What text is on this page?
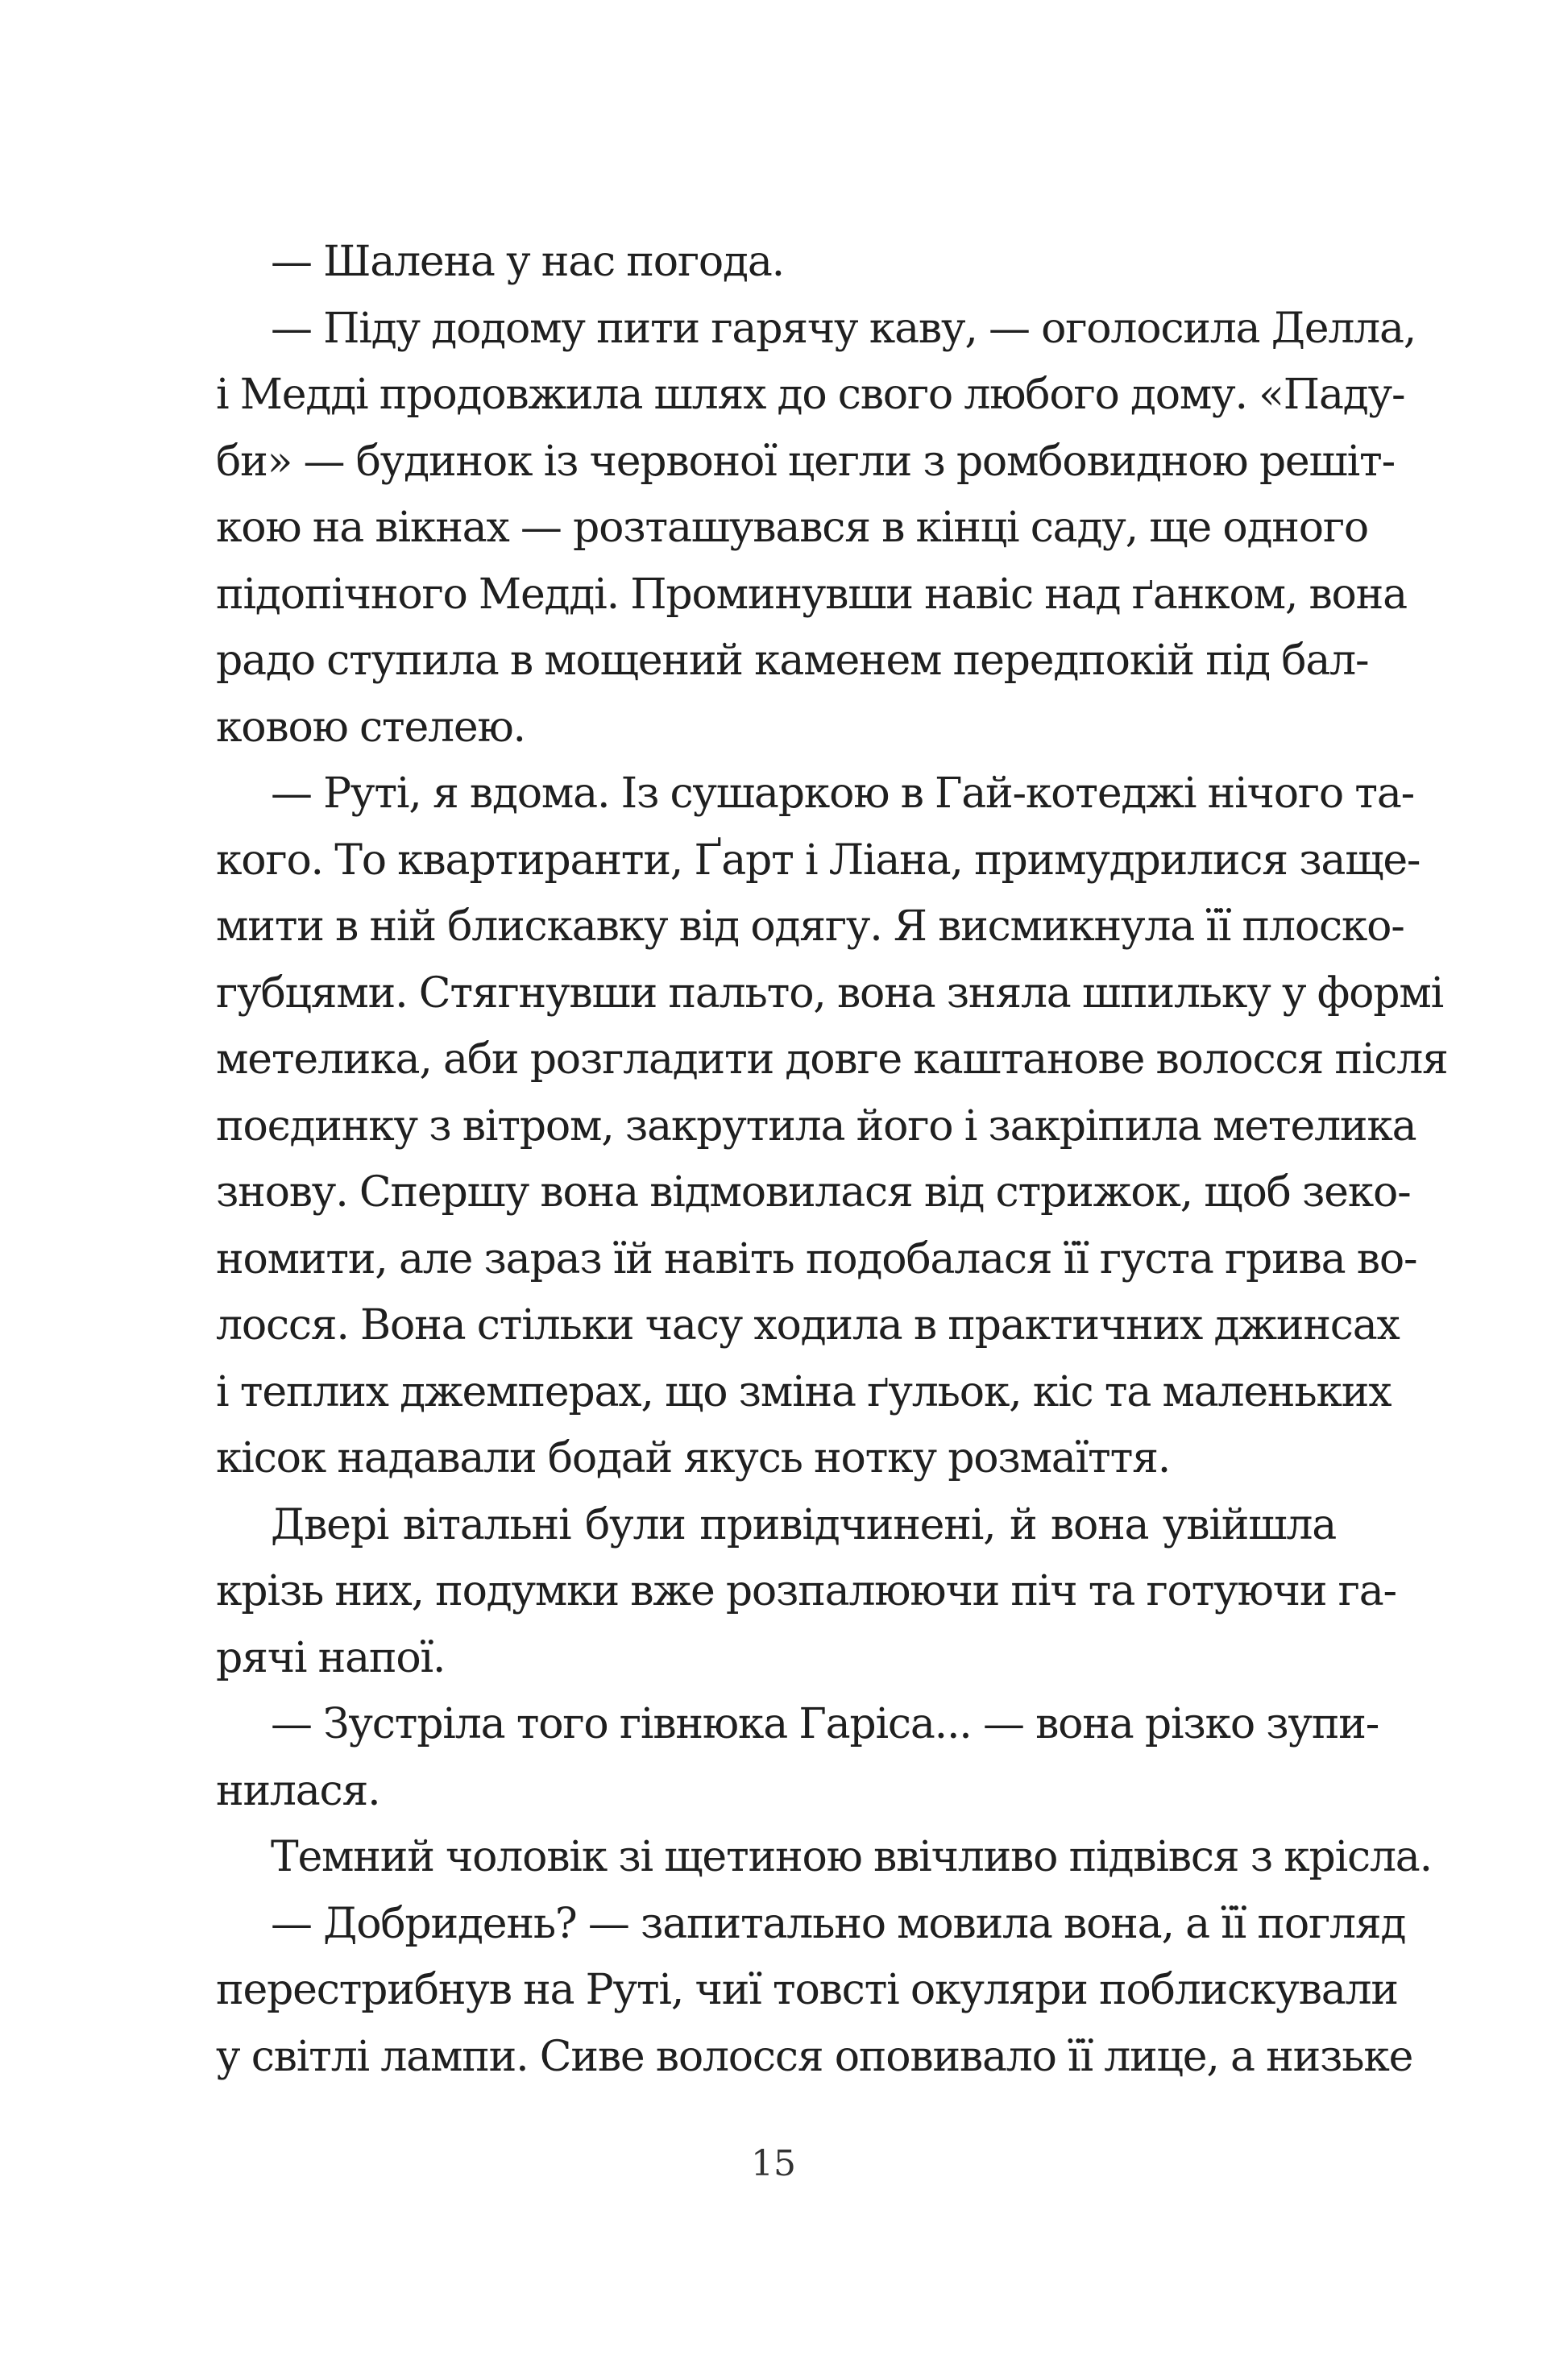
— Шалена у нас погода.
— Піду додому пити гарячу каву, — оголосила Делла,
і Медді продовжила шлях до свого любого дому. «Паду-
би» — будинок із червоної цегли з ромбовидною решіт-
кою на вікнах — розташувався в кінці саду, ще одного
підопічного Медді. Проминувши навіс над ґанком, вона
радо ступила в мощений каменем передпокій під бал-
ковою стелею.
— Руті, я вдома. Із сушаркою в Гай-котеджі нічого та-
кого. То квартиранти, Ґарт і Ліана, примудрилися заще-
мити в ній блискавку від одягу. Я висмикнула її плоско-
губцями. Стягнувши пальто, вона зняла шпильку у формі
метелика, аби розгладити довге каштанове волосся після
поєдинку з вітром, закрутила його і закріпила метелика
знову. Спершу вона відмовилася від стрижок, щоб зеко-
номити, але зараз їй навіть подобалася її густа грива во-
лосся. Вона стільки часу ходила в практичних джинсах
і теплих джемперах, що зміна ґульок, кіс та маленьких
кісок надавали бодай якусь нотку розмаїття.
Двері вітальні були привідчинені, й вона увійшла
крізь них, подумки вже розпалюючи піч та готуючи га-
рячі напої.
— Зустріла того гівнюка Гаріса... — вона різко зупи-
нилася.
Темний чоловік зі щетиною ввічливо підвівся з крісла.
— Добридень? — запитально мовила вона, а її погляд
перестрибнув на Руті, чиї товсті окуляри поблискували
у світлі лампи. Сиве волосся оповивало її лице, а низьке
15
